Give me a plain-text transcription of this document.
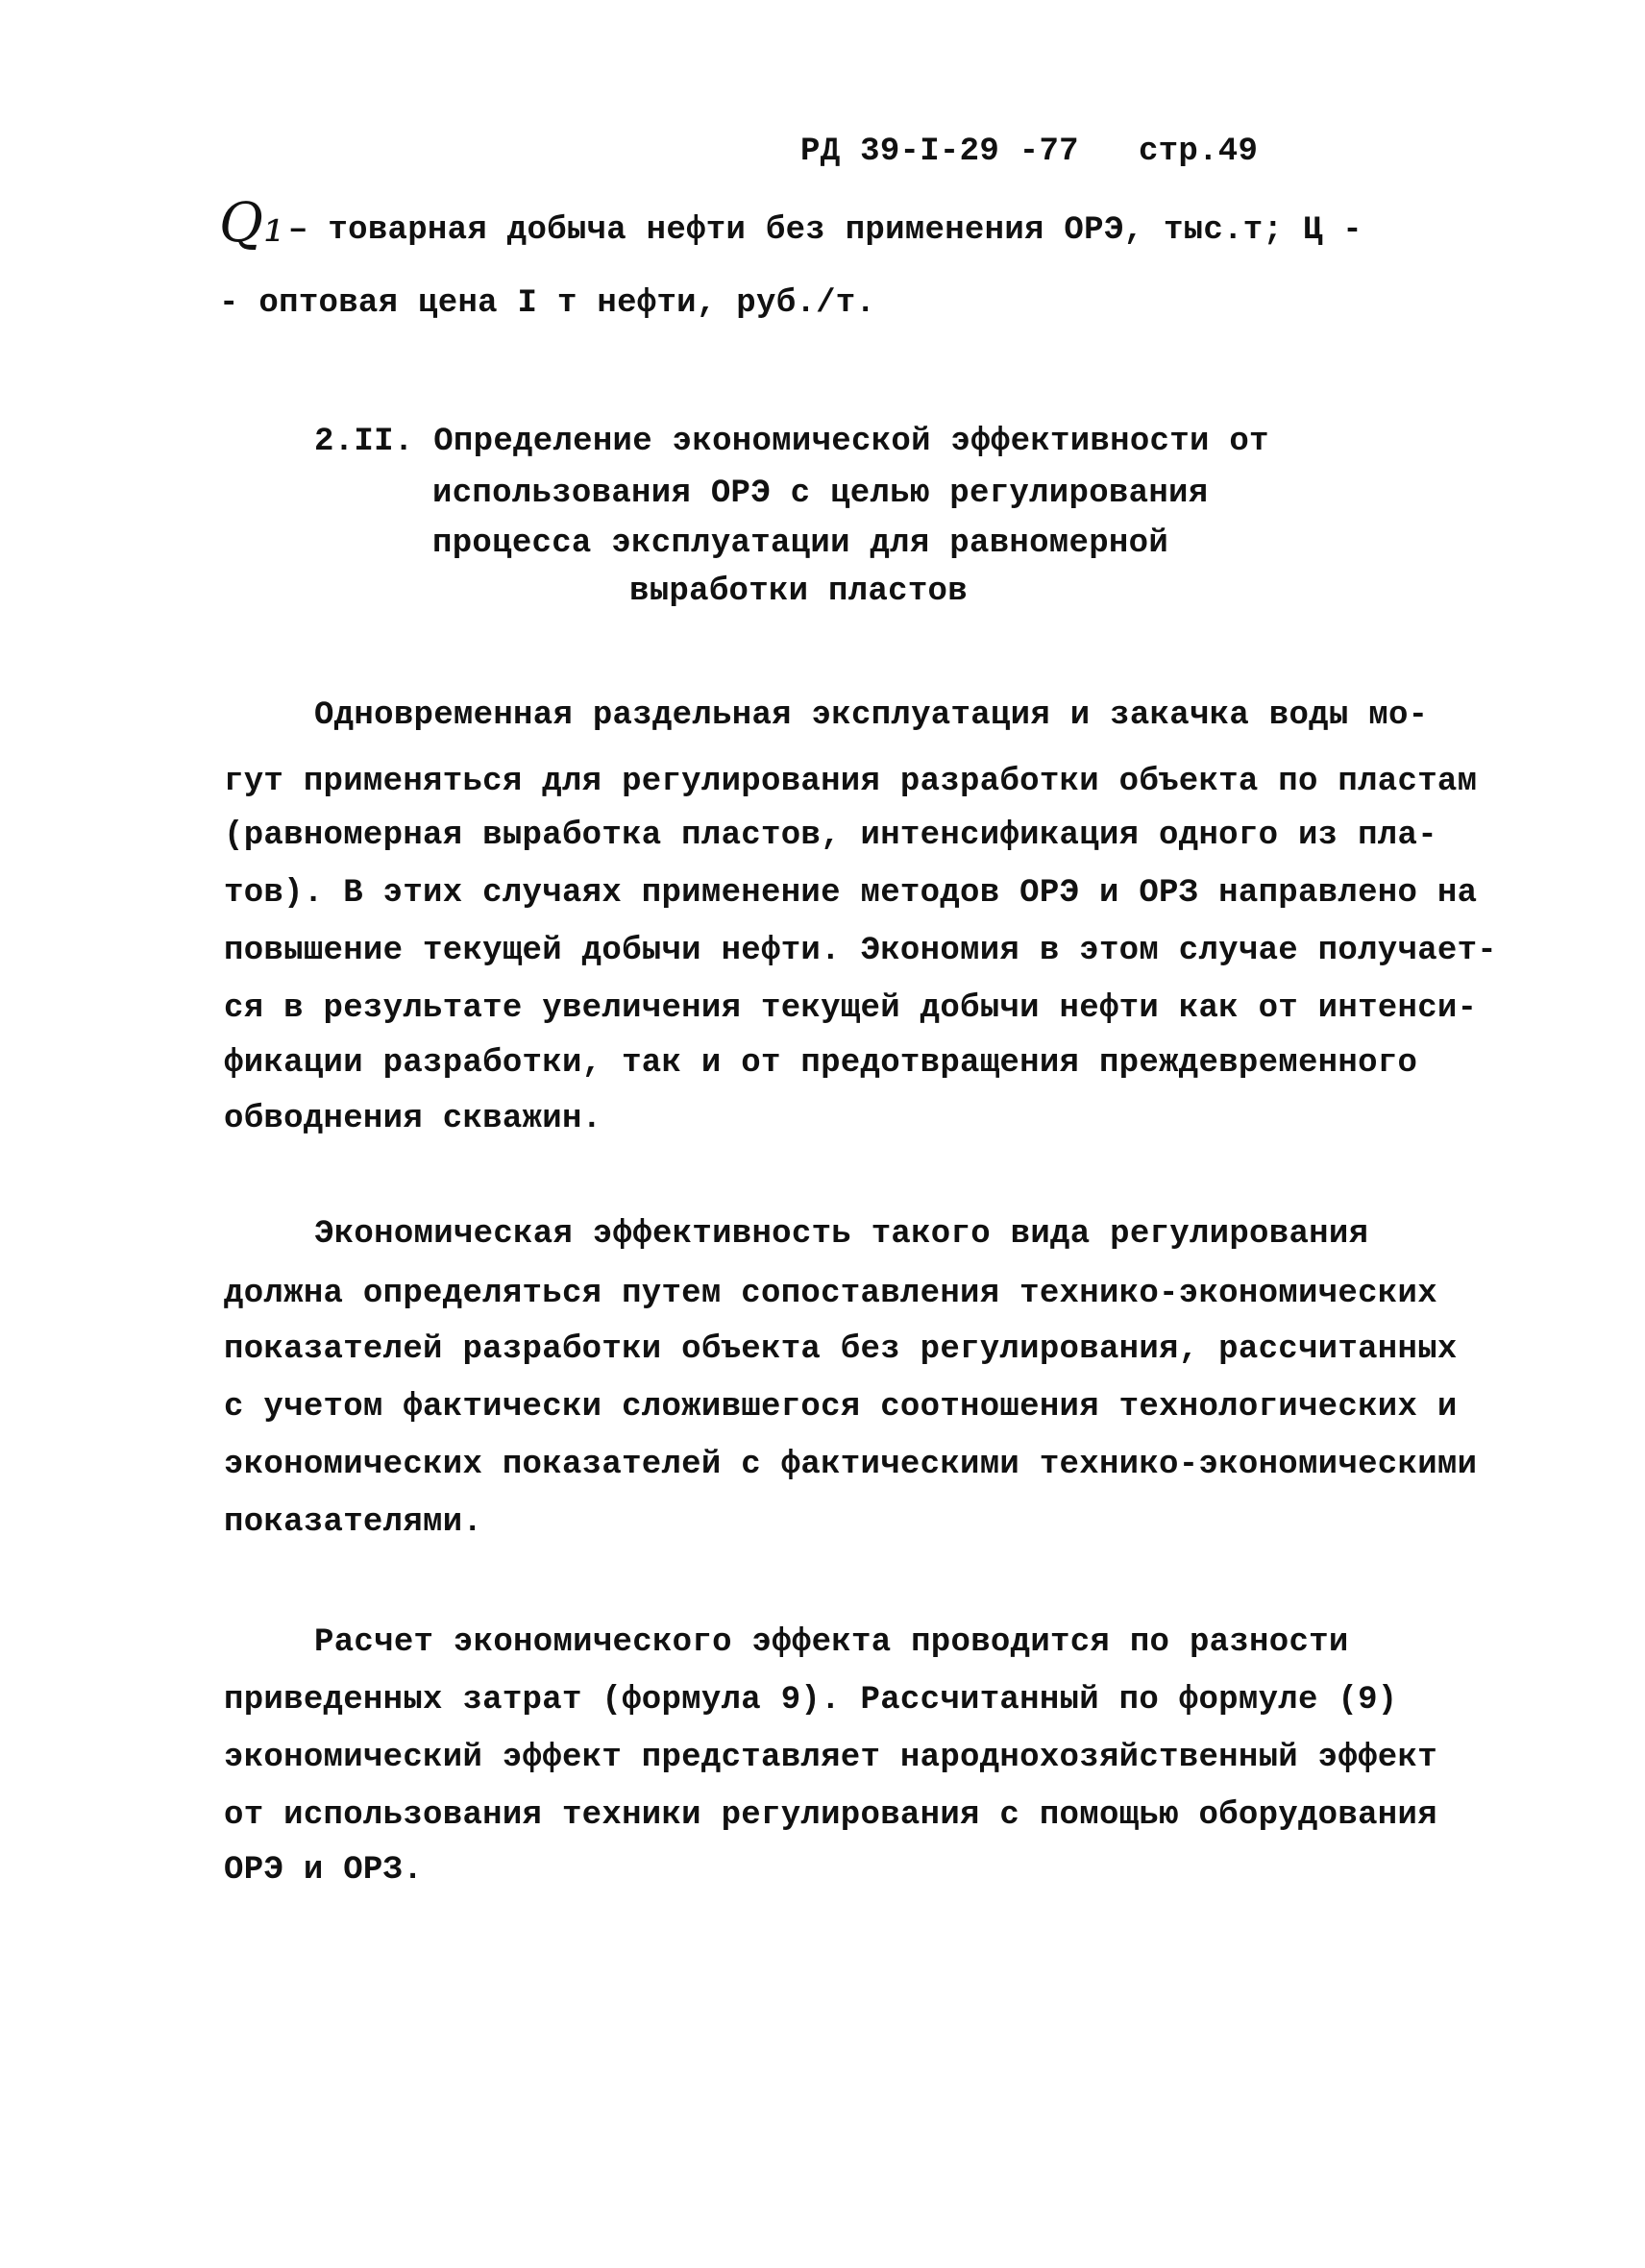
РД 39-I-29 -77   стр.49
Q₁ – товарная добыча нефти без применения ОРЭ, тыс.т; Ц -
- оптовая цена I т нефти, руб./т.
2.II. Определение экономической эффективности от
использования ОРЭ с целью регулирования
процесса эксплуатации для равномерной
выработки пластов
Одновременная раздельная эксплуатация и закачка воды мо-
гут применяться для регулирования разработки объекта по пластам
(равномерная выработка пластов, интенсификация одного из пла-
тов). В этих случаях применение методов ОРЭ и ОРЗ направлено на
повышение текущей добычи нефти. Экономия в этом случае получает-
ся в результате увеличения текущей добычи нефти как от интенси-
фикации разработки, так и от предотвращения преждевременного
обводнения скважин.
Экономическая эффективность такого вида регулирования
должна определяться путем сопоставления технико-экономических
показателей разработки объекта без регулирования, рассчитанных
с учетом фактически сложившегося соотношения технологических и
экономических показателей с фактическими технико-экономическими
показателями.
Расчет экономического эффекта проводится по разности
приведенных затрат (формула 9). Рассчитанный по формуле (9)
экономический эффект представляет народнохозяйственный эффект
от использования техники регулирования с помощью оборудования
ОРЭ и ОРЗ.
